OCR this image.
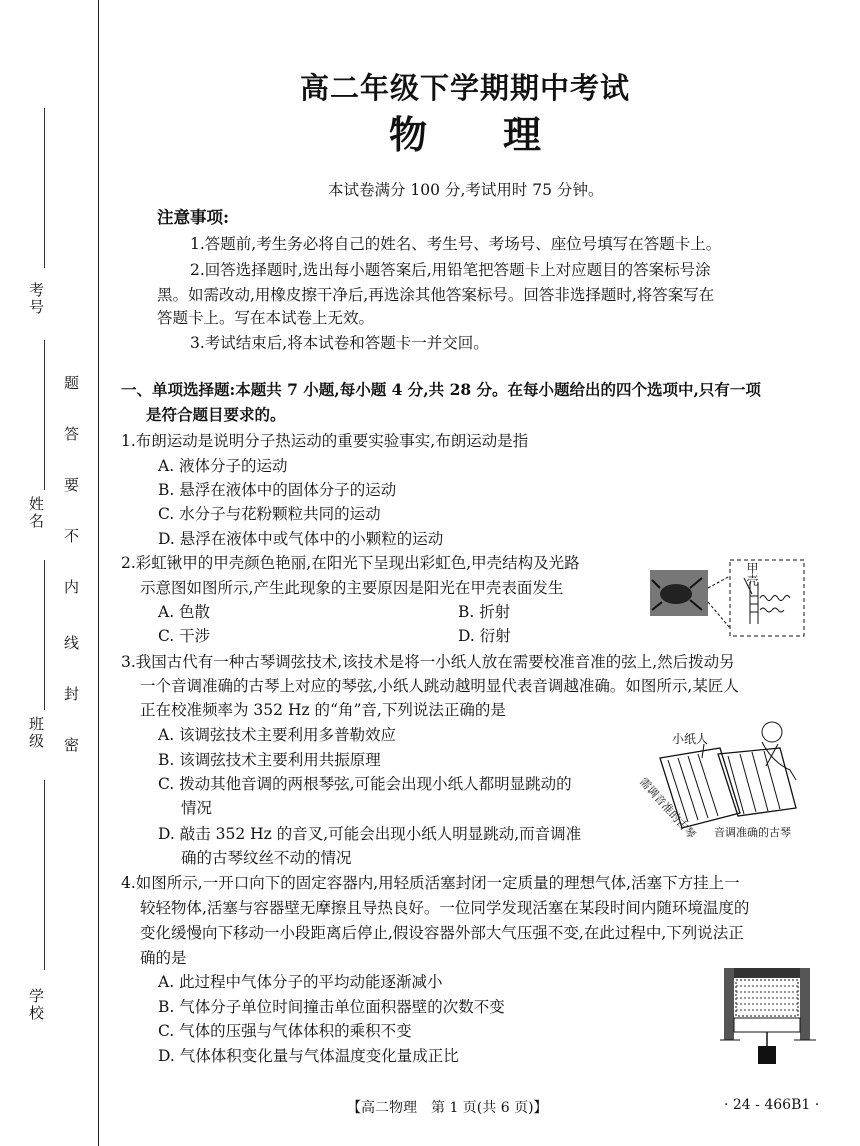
考号
姓名
班级
学校
题
答
要
不
内
线
封
密
高二年级下学期期中考试
物 理
本试卷满分 100 分,考试用时 75 分钟。
注意事项:
1.答题前,考生务必将自己的姓名、考生号、考场号、座位号填写在答题卡上。
2.回答选择题时,选出每小题答案后,用铅笔把答题卡上对应题目的答案标号涂
黑。如需改动,用橡皮擦干净后,再选涂其他答案标号。回答非选择题时,将答案写在
答题卡上。写在本试卷上无效。
3.考试结束后,将本试卷和答题卡一并交回。
一、单项选择题:本题共 7 小题,每小题 4 分,共 28 分。在每小题给出的四个选项中,只有一项
是符合题目要求的。
1.布朗运动是说明分子热运动的重要实验事实,布朗运动是指
A. 液体分子的运动
B. 悬浮在液体中的固体分子的运动
C. 水分子与花粉颗粒共同的运动
D. 悬浮在液体中或气体中的小颗粒的运动
2.彩虹锹甲的甲壳颜色艳丽,在阳光下呈现出彩虹色,甲壳结构及光路
示意图如图所示,产生此现象的主要原因是阳光在甲壳表面发生
A. 色散	B. 折射
C. 干涉	D. 衍射
甲壳
3.我国古代有一种古琴调弦技术,该技术是将一小纸人放在需要校准音准的弦上,然后拨动另
一个音调准确的古琴上对应的琴弦,小纸人跳动越明显代表音调越准确。如图所示,某匠人
正在校准频率为 352 Hz 的“角”音,下列说法正确的是
A. 该调弦技术主要利用多普勒效应
B. 该调弦技术主要利用共振原理
C. 拨动其他音调的两根琴弦,可能会出现小纸人都明显跳动的
情况
D. 敲击 352 Hz 的音叉,可能会出现小纸人明显跳动,而音调准
确的古琴纹丝不动的情况
小纸人
需调音准的古琴 音调准确的古琴
4.如图所示,一开口向下的固定容器内,用轻质活塞封闭一定质量的理想气体,活塞下方挂上一
较轻物体,活塞与容器壁无摩擦且导热良好。一位同学发现活塞在某段时间内随环境温度的
变化缓慢向下移动一小段距离后停止,假设容器外部大气压强不变,在此过程中,下列说法正
确的是
A. 此过程中气体分子的平均动能逐渐减小
B. 气体分子单位时间撞击单位面积器壁的次数不变
C. 气体的压强与气体体积的乘积不变
D. 气体体积变化量与气体温度变化量成正比
【高二物理　第 1 页(共 6 页)】	· 24 - 466B1 ·
